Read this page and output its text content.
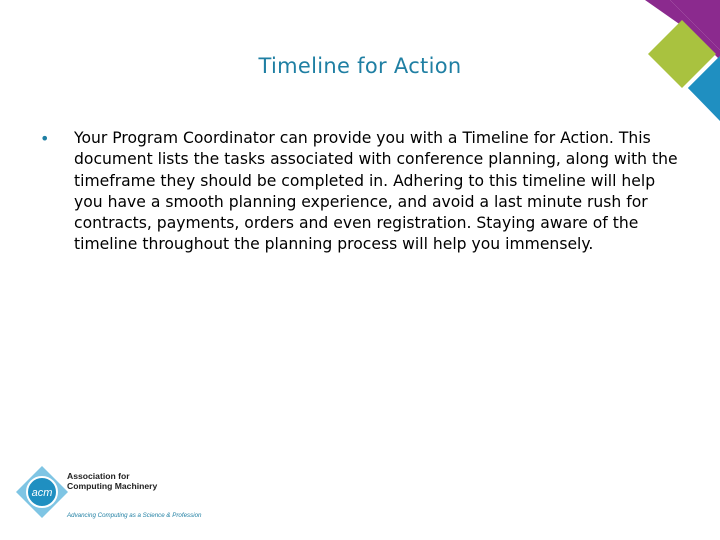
Timeline for Action
• Your Program Coordinator can provide you with a Timeline for Action. This document lists the tasks associated with conference planning, along with the timeframe they should be completed in. Adhering to this timeline will help you have a smooth planning experience, and avoid a last minute rush for contracts, payments, orders and even registration. Staying aware of the timeline throughout the planning process will help you immensely.
acm
Association for
Computing Machinery
Advancing Computing as a Science & Profession
